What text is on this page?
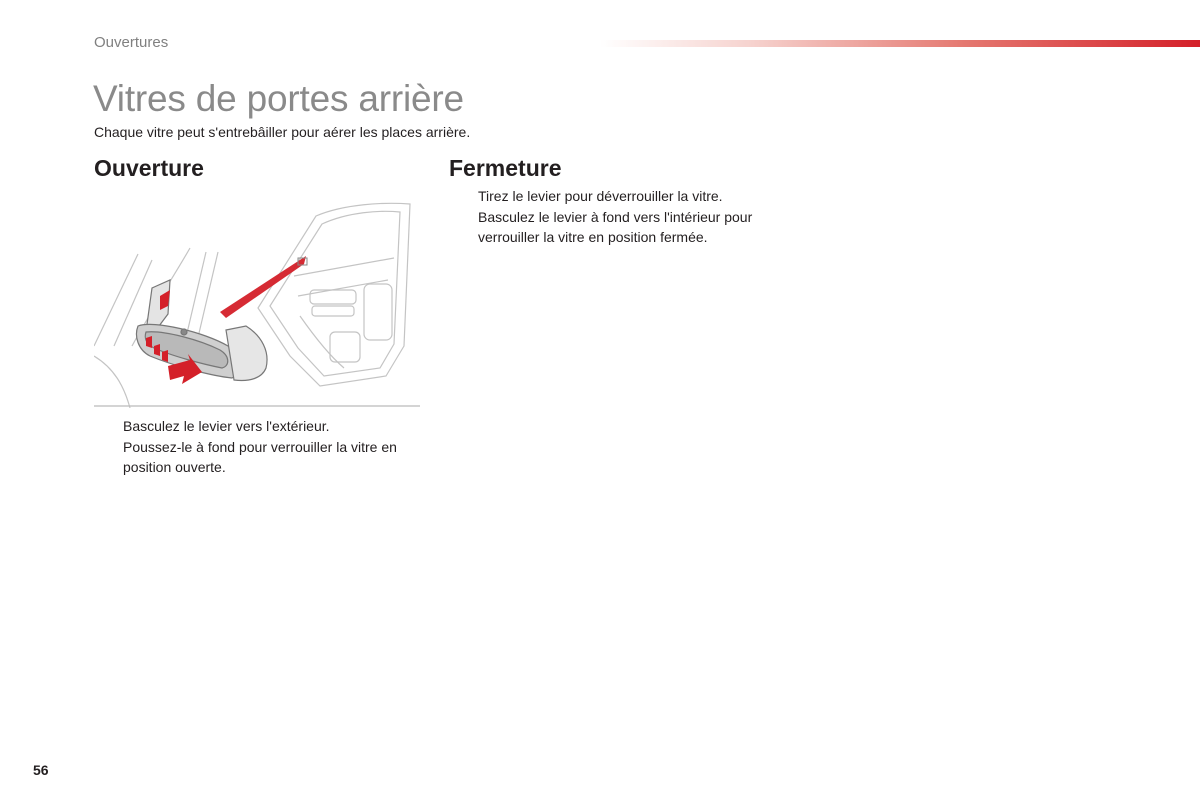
Ouvertures
Vitres de portes arrière
Chaque vitre peut s'entrebâiller pour aérer les places arrière.
Ouverture	Fermeture
Basculez le levier vers l'extérieur.
Poussez-le à fond pour verrouiller la vitre en position ouverte.
Tirez le levier pour déverrouiller la vitre.
Basculez le levier à fond vers l'intérieur pour verrouiller la vitre en position fermée.
56
